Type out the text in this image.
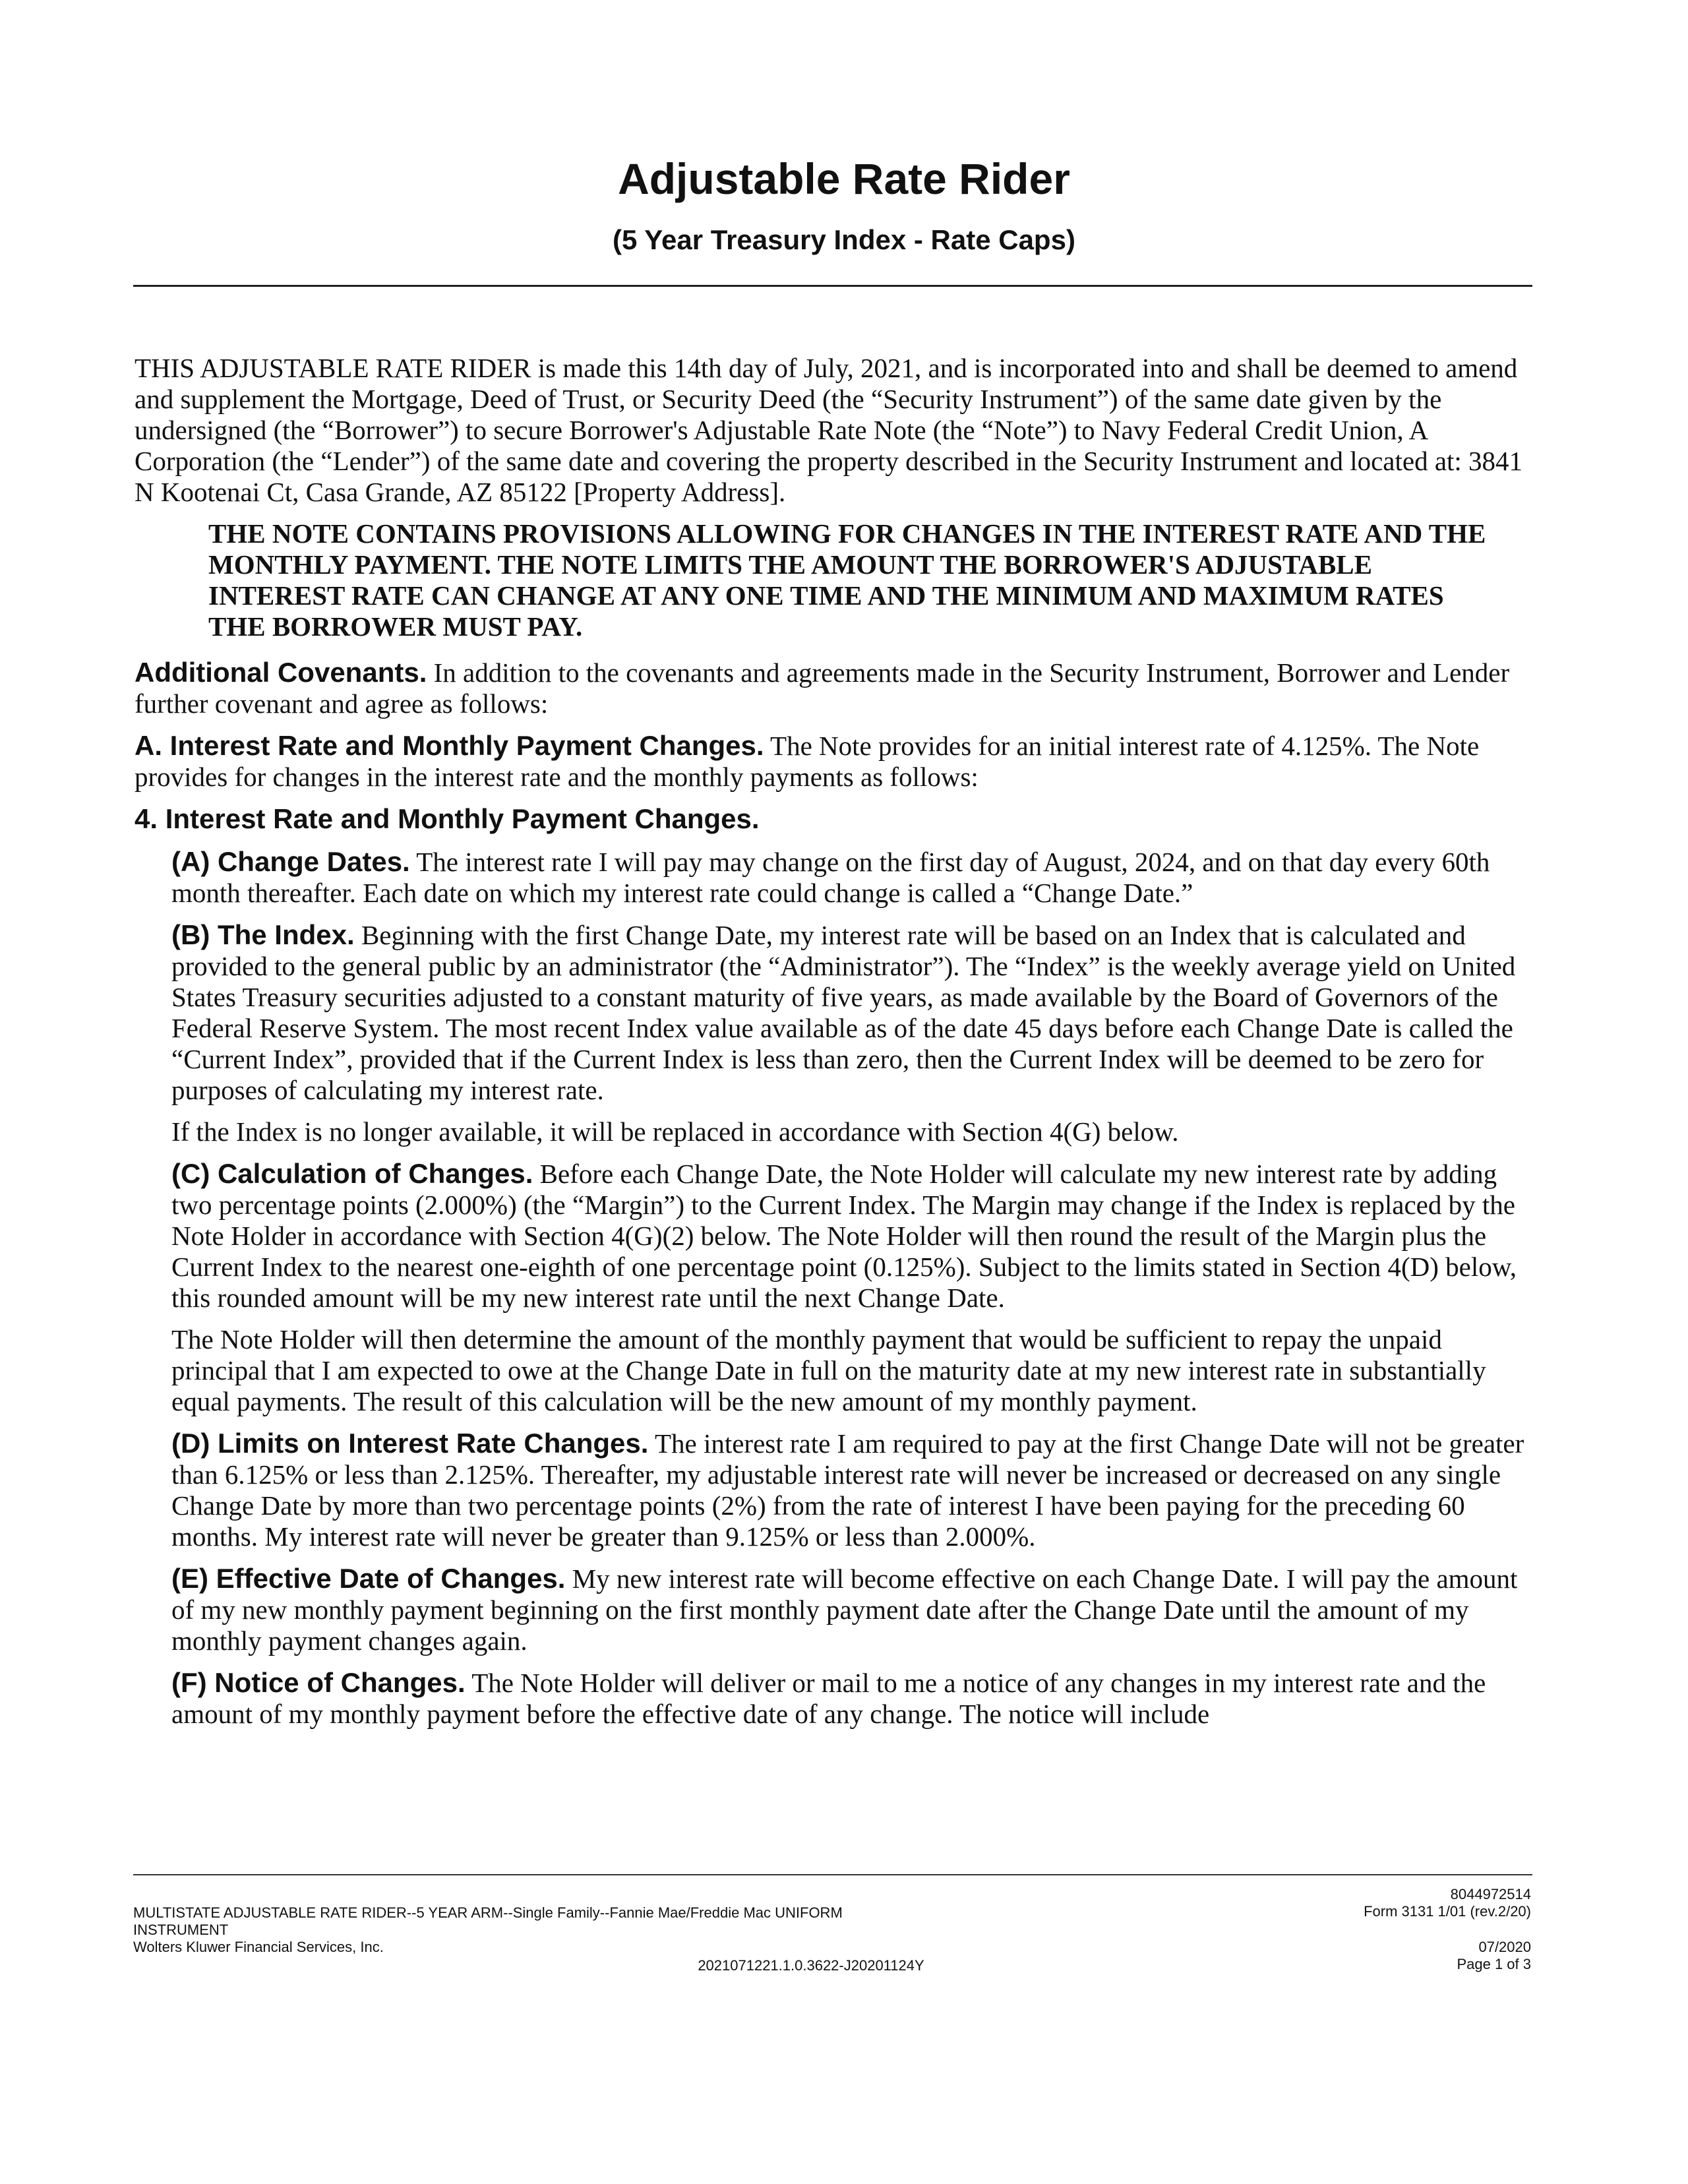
Adjustable Rate Rider
(5 Year Treasury Index - Rate Caps)

THIS ADJUSTABLE RATE RIDER is made this 14th day of July, 2021, and is incorporated into and shall be deemed to amend and supplement the Mortgage, Deed of Trust, or Security Deed (the “Security Instrument”) of the same date given by the undersigned (the “Borrower”) to secure Borrower's Adjustable Rate Note (the “Note”) to Navy Federal Credit Union, A Corporation (the “Lender”) of the same date and covering the property described in the Security Instrument and located at: 3841 N Kootenai Ct, Casa Grande, AZ 85122 [Property Address].

THE NOTE CONTAINS PROVISIONS ALLOWING FOR CHANGES IN THE INTEREST RATE AND THE MONTHLY PAYMENT. THE NOTE LIMITS THE AMOUNT THE BORROWER'S ADJUSTABLE INTEREST RATE CAN CHANGE AT ANY ONE TIME AND THE MINIMUM AND MAXIMUM RATES THE BORROWER MUST PAY.

Additional Covenants. In addition to the covenants and agreements made in the Security Instrument, Borrower and Lender further covenant and agree as follows:

A. Interest Rate and Monthly Payment Changes. The Note provides for an initial interest rate of 4.125%. The Note provides for changes in the interest rate and the monthly payments as follows:

4. Interest Rate and Monthly Payment Changes.

(A) Change Dates. The interest rate I will pay may change on the first day of August, 2024, and on that day every 60th month thereafter. Each date on which my interest rate could change is called a “Change Date.”

(B) The Index. Beginning with the first Change Date, my interest rate will be based on an Index that is calculated and provided to the general public by an administrator (the “Administrator”). The “Index” is the weekly average yield on United States Treasury securities adjusted to a constant maturity of five years, as made available by the Board of Governors of the Federal Reserve System. The most recent Index value available as of the date 45 days before each Change Date is called the “Current Index”, provided that if the Current Index is less than zero, then the Current Index will be deemed to be zero for purposes of calculating my interest rate.

If the Index is no longer available, it will be replaced in accordance with Section 4(G) below.

(C) Calculation of Changes. Before each Change Date, the Note Holder will calculate my new interest rate by adding two percentage points (2.000%) (the “Margin”) to the Current Index. The Margin may change if the Index is replaced by the Note Holder in accordance with Section 4(G)(2) below. The Note Holder will then round the result of the Margin plus the Current Index to the nearest one-eighth of one percentage point (0.125%). Subject to the limits stated in Section 4(D) below, this rounded amount will be my new interest rate until the next Change Date.

The Note Holder will then determine the amount of the monthly payment that would be sufficient to repay the unpaid principal that I am expected to owe at the Change Date in full on the maturity date at my new interest rate in substantially equal payments. The result of this calculation will be the new amount of my monthly payment.

(D) Limits on Interest Rate Changes. The interest rate I am required to pay at the first Change Date will not be greater than 6.125% or less than 2.125%. Thereafter, my adjustable interest rate will never be increased or decreased on any single Change Date by more than two percentage points (2%) from the rate of interest I have been paying for the preceding 60 months. My interest rate will never be greater than 9.125% or less than 2.000%.

(E) Effective Date of Changes. My new interest rate will become effective on each Change Date. I will pay the amount of my new monthly payment beginning on the first monthly payment date after the Change Date until the amount of my monthly payment changes again.

(F) Notice of Changes. The Note Holder will deliver or mail to me a notice of any changes in my interest rate and the amount of my monthly payment before the effective date of any change. The notice will include

MULTISTATE ADJUSTABLE RATE RIDER--5 YEAR ARM--Single Family--Fannie Mae/Freddie Mac UNIFORM
INSTRUMENT
Wolters Kluwer Financial Services, Inc.
2021071221.1.0.3622-J20201124Y
8044972514
Form 3131 1/01 (rev.2/20)
07/2020
Page 1 of 3
